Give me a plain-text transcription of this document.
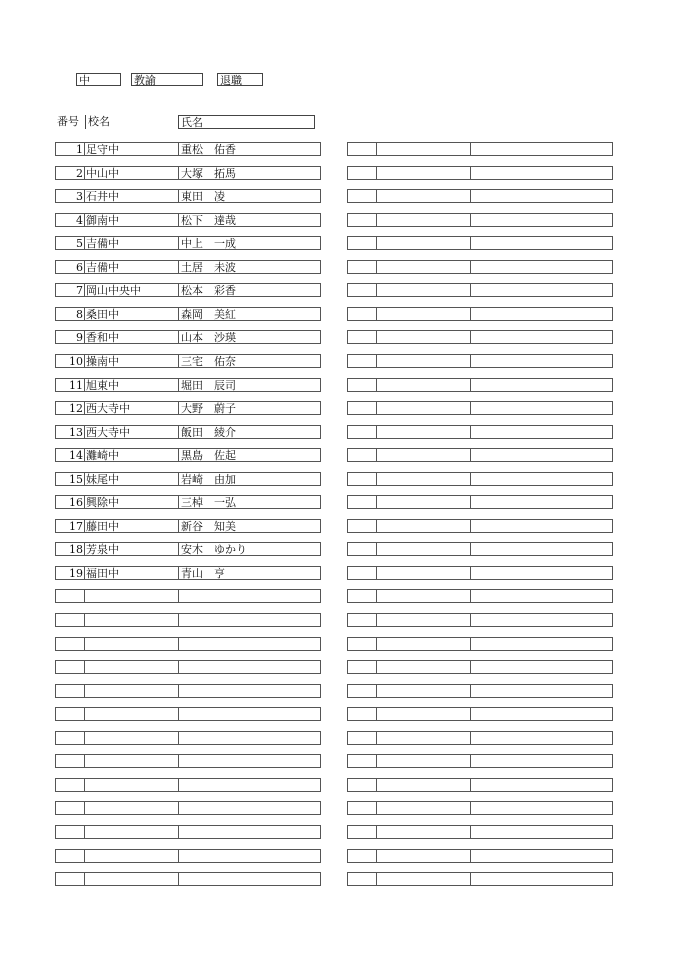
中	教諭	退職
番号 校名	氏名
1 足守中	重松　佑香
2 中山中	大塚　拓馬
3 石井中	東田　凌
4 御南中	松下　達哉
5 吉備中	中上　一成
6 吉備中	土居　未波
7 岡山中央中	松本　彩香
8 桑田中	森岡　美紅
9 香和中	山本　沙瑛
10 操南中	三宅　佑奈
11 旭東中	堀田　辰司
12 西大寺中	大野　蔚子
13 西大寺中	飯田　綾介
14 灘崎中	黒島　佐起
15 妹尾中	岩崎　由加
16 興除中	三棹　一弘
17 藤田中	新谷　知美
18 芳泉中	安木　ゆかり
19 福田中	青山　亨
